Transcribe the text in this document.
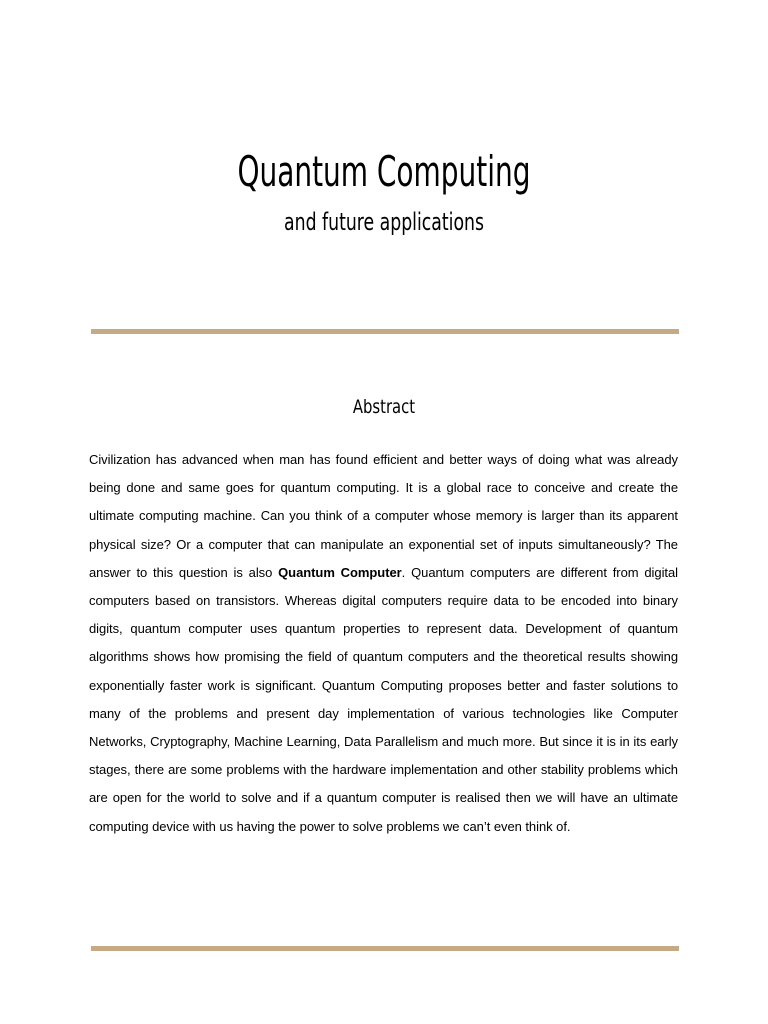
Quantum Computing
and future applications
Abstract

Civilization has advanced when man has found efficient and better ways of doing what was already being done and same goes for quantum computing. It is a global race to conceive and create the ultimate computing machine. Can you think of a computer whose memory is larger than its apparent physical size? Or a computer that can manipulate an exponential set of inputs simultaneously? The answer to this question is also Quantum Computer. Quantum computers are different from digital computers based on transistors. Whereas digital computers require data to be encoded into binary digits, quantum computer uses quantum properties to represent data. Development of quantum algorithms shows how promising the field of quantum computers and the theoretical results showing exponentially faster work is significant. Quantum Computing proposes better and faster solutions to many of the problems and present day implementation of various technologies like Computer Networks, Cryptography, Machine Learning, Data Parallelism and much more. But since it is in its early stages, there are some problems with the hardware implementation and other stability problems which are open for the world to solve and if a quantum computer is realised then we will have an ultimate computing device with us having the power to solve problems we can’t even think of.
